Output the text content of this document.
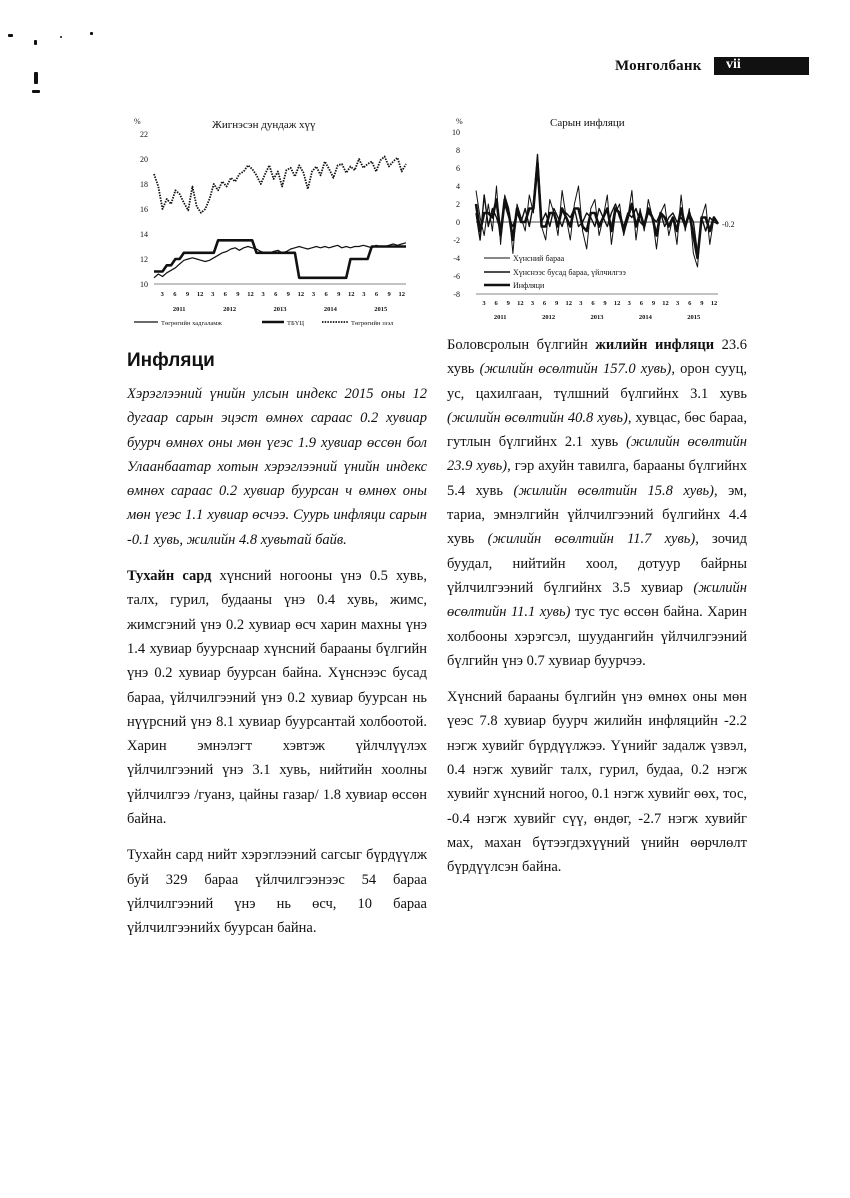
Монголбанк vii
22
20
18
16
14
12
10
%	Жигнэсэн дундаж хүү
3 6 9 12 3 6 9 12 3 6 9 12 3 6 9 12 3 6 9 12
2011	2012	2013	2014	2015
Төгрөгийн хадгаламж	ТБҮЦ	Төгрөгийн зээл
10
8
6
4
2
0
-2
-4
-6
-8
%	Сарын инфляци
3 6 9 12 3 6 9 12 3 6 9 12 3 6 9 12 3 6 9 12
2011	2012	2013	2014	2015
-0.2
Хүнсний бараа
Хүнснээс бусад бараа, үйлчилгээ
Инфляци
Инфляци

Хэрэглээний үнийн улсын индекс 2015 оны 12 дугаар сарын эцэст өмнөх сараас 0.2 хувиар буурч өмнөх оны мөн үеэс 1.9 хувиар өссөн бол Улаанбаатар хотын хэрэглээний үнийн индекс өмнөх сараас 0.2 хувиар буурсан ч өмнөх оны мөн үеэс 1.1 хувиар өсчээ. Суурь инфляци сарын -0.1 хувь, жилийн 4.8 хувьтай байв.

Тухайн сард хүнсний ногооны үнэ 0.5 хувь, талх, гурил, будааны үнэ 0.4 хувь, жимс, жимсгэний үнэ 0.2 хувиар өсч харин махны үнэ 1.4 хувиар буурснаар хүнсний барааны бүлгийн үнэ 0.2 хувиар буурсан байна. Хүнснээс бусад бараа, үйлчилгээний үнэ 0.2 хувиар буурсан нь нүүрсний үнэ 8.1 хувиар буурсантай холбоотой. Харин эмнэлэгт хэвтэж үйлчлүүлэх үйлчилгээний үнэ 3.1 хувь, нийтийн хоолны үйлчилгээ /гуанз, цайны газар/ 1.8 хувиар өссөн байна.

Тухайн сард нийт хэрэглээний сагсыг бүрдүүлж буй 329 бараа үйлчилгээнээс 54 бараа үйлчилгээний үнэ нь өсч, 10 бараа үйлчилгээнийх буурсан байна.

Боловсролын бүлгийн жилийн инфляци 23.6 хувь (жилийн өсөлтийн 157.0 хувь), орон сууц, ус, цахилгаан, түлшний бүлгийнх 3.1 хувь (жилийн өсөлтийн 40.8 хувь), хувцас, бөс бараа, гутлын бүлгийнх 2.1 хувь (жилийн өсөлтийн 23.9 хувь), гэр ахуйн тавилга, барааны бүлгийнх 5.4 хувь (жилийн өсөлтийн 15.8 хувь), эм, тариа, эмнэлгийн үйлчилгээний бүлгийнх 4.4 хувь (жилийн өсөлтийн 11.7 хувь), зочид буудал, нийтийн хоол, дотуур байрны үйлчилгээний бүлгийнх 3.5 хувиар (жилийн өсөлтийн 11.1 хувь) тус тус өссөн байна. Харин холбооны хэрэгсэл, шуудангийн үйлчилгээний бүлгийн үнэ 0.7 хувиар буурчээ.

Хүнсний барааны бүлгийн үнэ өмнөх оны мөн үеэс 7.8 хувиар буурч жилийн инфляцийн -2.2 нэгж хувийг бүрдүүлжээ. Үүнийг задалж үзвэл, 0.4 нэгж хувийг талх, гурил, будаа, 0.2 нэгж хувийг хүнсний ногоо, 0.1 нэгж хувийг өөх, тос, -0.4 нэгж хувийг сүү, өндөг, -2.7 нэгж хувийг мах, махан бүтээгдэхүүний үнийн өөрчлөлт бүрдүүлсэн байна.
